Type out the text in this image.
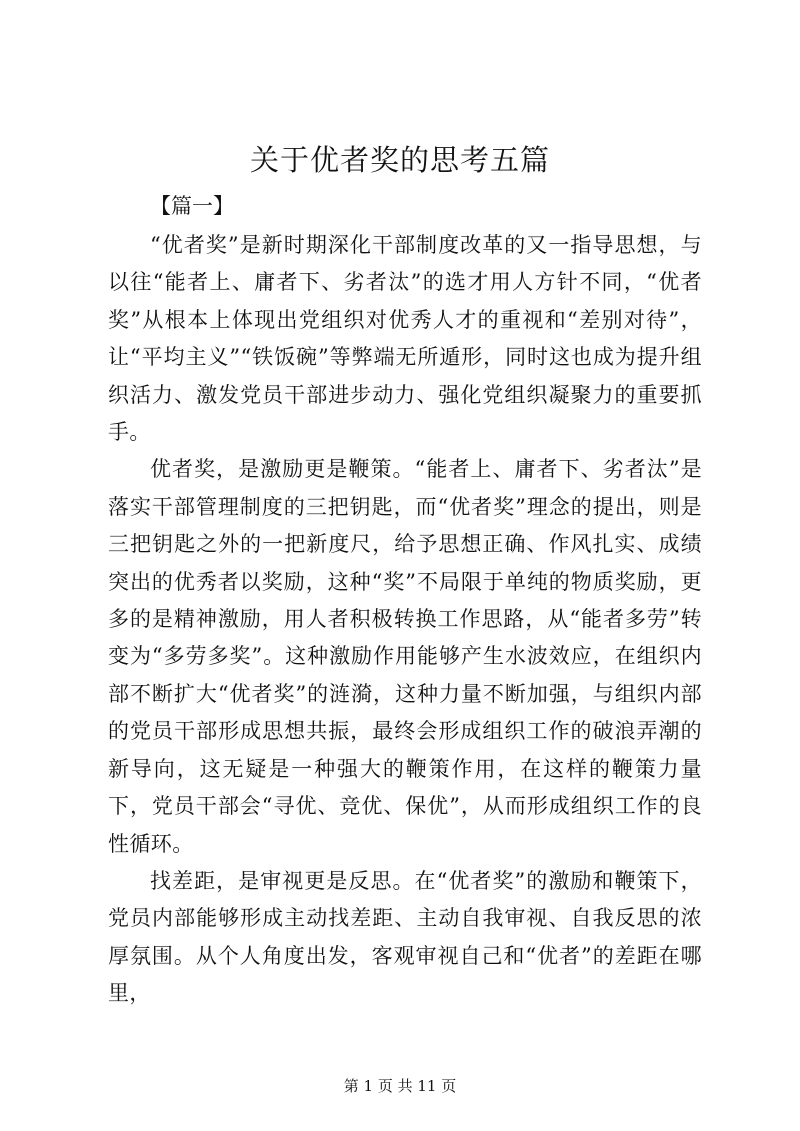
关于优者奖的思考五篇
【篇一】

“优者奖”是新时期深化干部制度改革的又一指导思想，与以往“能者上、庸者下、劣者汰”的选才用人方针不同，“优者奖”从根本上体现出党组织对优秀人才的重视和“差别对待”，让“平均主义”“铁饭碗”等弊端无所遁形，同时这也成为提升组织活力、激发党员干部进步动力、强化党组织凝聚力的重要抓手。

优者奖，是激励更是鞭策。“能者上、庸者下、劣者汰”是落实干部管理制度的三把钥匙，而“优者奖”理念的提出，则是三把钥匙之外的一把新度尺，给予思想正确、作风扎实、成绩突出的优秀者以奖励，这种“奖”不局限于单纯的物质奖励，更多的是精神激励，用人者积极转换工作思路，从“能者多劳”转变为“多劳多奖”。这种激励作用能够产生水波效应，在组织内部不断扩大“优者奖”的涟漪，这种力量不断加强，与组织内部的党员干部形成思想共振，最终会形成组织工作的破浪弄潮的新导向，这无疑是一种强大的鞭策作用，在这样的鞭策力量下，党员干部会“寻优、竞优、保优”，从而形成组织工作的良性循环。

找差距，是审视更是反思。在“优者奖”的激励和鞭策下，党员内部能够形成主动找差距、主动自我审视、自我反思的浓厚氛围。从个人角度出发，客观审视自己和“优者”的差距在哪里，

第 1 页 共 11 页
